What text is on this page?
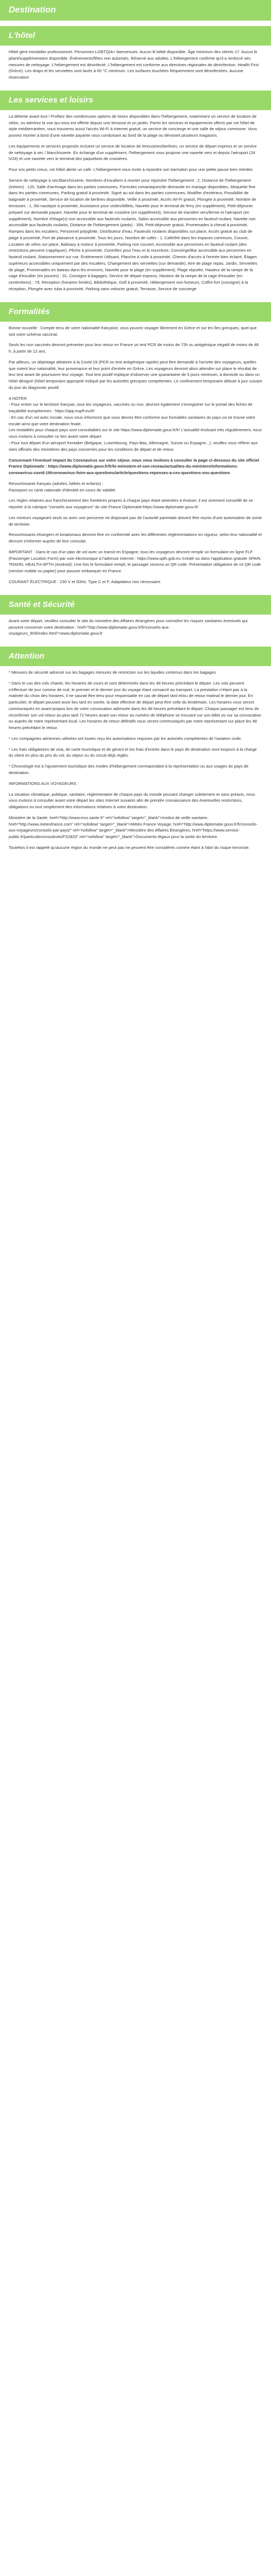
Destination
L'hôtel

Hôtel géré inmobilier professionnel. Personnes LGBTQIA+ bienvenues. Aucun lit bébé disponible. Âge minimum des clients 17. Aucun lit pliant/supplémentaire disponible. Événements/fêtes non autorisés. Réservé aux adultes. L'hébergement confirme qu'il a renforcé ses mesures de nettoyage. L'hébergement est désinfecté. L'hébergement est conforme aux directives régionales de désinfection. Health First (Grèce). Les draps et les serviettes sont lavés à 60 °C minimum. Les surfaces touchées fréquemment sont désinfectées. Aucune réservation

Les services et loisirs

La détente avant tout ! Profitez des nombreuses options de loisirs disponibles dans l'hébergement, notamment un service de location de vélos, ou admirez la vue qui vous est offerte depuis une terrasse et un jardin. Parmi les services et équipements offerts par cet hôtel de style méditerranéen, vous trouverez aussi l'accès Wi-Fi à Internet gratuit, un service de concierge et une salle de séjour commune. Vous pouvez monter à bord d'une navette payante vous conduisant au bord de la plage ou dévorant plusieurs magasins.

Les équipements et services proposés incluent un service de location de limousines/berlines, un service de départ express et un service de nettoyage à sec / blanchisserie. En échange d'un supplément, l'hébergement vous propose une navette vers et depuis l'aéroport (24 h/24) et une navette vers le terminal des paquebots de croisières.

Pour vos petits creux, cet hôtel abrite un café. L'hébergement vous invite à rejoindre son bar/salon pour une petite pause bien méritée.

Service de nettoyage à sec/blanchisserie, Nombres d'escaliers à monter pour rejoindre l'hébergement : 2, Distance de l'hébergement (mètres) : 120, Salle d'arrimage dans les parties communes, Formules romantiques/de demande en mariage disponibles, Moquette fine dans les parties communes, Parking gratuit à proximité, Signé au sol dans les parties communes, Modifier d'extérieur, Possibilité de baignade à proximité, Service de location de berlines disponible, Veille à proximité, Accès Wi-Fi gratuit, Plongée à proximité, Nombre de terrasses : 1, Ski nautique à proximité, Assistance pour visites/billets, Navette pour le terminal de ferry (en supplément), Petit-déjeuner préparé sur demande payant, Navette pour le terminal de croisière (en supplément), Service de transfert vers/ferme et l'aéroport (en supplément), Nombre d'étage(s) non accessible aux fauteuils roulants, Salon accessible aux personnes en fauteuil roulant, Navette non accessible aux fauteuils roulants, Distance de l'hébergement (pieds) : 394, Petit-déjeuner gratuit, Promenades à cheval à proximité, Rampes dans les escaliers, Personnel polyglotte, Distributeur d'eau, Fauteuils roulants disponibles sur place, Accès gratuit au club de plage à proximité, Port de plaisance à proximité, Tous les jours, Nombre de cafés : 1, Café/thé dans les espaces communs, Couvre, Location de vélos sur place, Balisazy à moteur à proximité, Parking non couvert, Accessible aux personnes en fauteuil roulant (des restrictions peuvent s'appliquer), Pêche à proximité, Contrôles pour l'eau et la nourriture, Concierge/Bar accessible aux personnes en fauteuil roulant, Stationnement sur rue, Entièrement Utilisant, Planche à voile à proximité, Chemin d'accès à l'entrée bien éclairé, Étages supérieurs accessibles uniquement par des escaliers, Changement des serviettes (sur demande), Aire de plage repas, Jardin, Serviettes de plage, Promenades en bateau dans les environs, Navette pour la plage (en supplément), Plage réputée, Hauteur de la rampe de la cage d'escalier (en pouces) : 31, Consigne à bagages, Service de départ express, Hauteur de la rampe de la cage d'escalier (en centimètres) : 79, Réception (horaires limités), Bibliothèque, Golf à proximité, Hébergement non-fumeurs, Coffre-fort (consigne) à la réception, Plongée avec tuba à proximité, Parking sans voiturier gratuit, Terrasse, Service de concierge

Formalités

Bonne nouvelle : Compte tenu de votre nationalité française, vous pouvez voyager librement en Grèce et sur les îles grecques, quel que soit votre schéma vaccinal.

Seuls les non vaccinés devront présenter pour leur retour en France un test PCR de moins de 72h ou antigénique négatif de moins de 48 h, à partir de 12 ans.

Par ailleurs, un dépistage aléatoire à la Covid-19 (PCR ou test antigénique rapide) peut être demandé à l'arrivée des voyageurs, quelles que soient leur nationalité, leur provenance et leur point d'entrée en Grèce. Les voyageurs devront alors attendre sur place le résultat de leur test avant de poursuivre leur voyage. Tout test positif implique d'observer une quarantaine de 5 jours minimum, à domicile ou dans un hôtel désigné (hôtel temporaire approprié indiqué par les autorités grecques compétentes. Le confinement temporaire débute à jour suivant du jour du diagnostic positif.

A NOTER
- Pour entrer sur le territoire français, tous les voyageurs, vaccinés ou non, devront également s'enregistrer sur le portail des fiches de traçabilité européennes : https://app.euplf.eu/#/
- En cas d'un vol avec escale, nous vous informons que vous devrez être conforme aux formalités sanitaires du pays où se trouve votre escale ainsi que votre destination finale.
Les modalités pour chaque pays sont consultables sur le site https://www.diplomatie.gouv.fr/fr/ L'actualité évoluant très régulièrement, nous vous invitons à consulter ce lien avant votre départ.
- Pour tout départ d'un aéroport frontalier (Belgique, Luxembourg, Pays-Bas, Allemagne, Suisse ou Espagne...), veuillez vous référer aux sites officiels des ministères des pays concernés pour les conditions de départ et de retour.

Concernant l'éventuel impact du Coronavirus sur votre séjour, nous vous invitons à consulter la page ci-dessous du site officiel France Diplomatie : https://www.diplomatie.gouv.fr/fr/le-ministere-et-son-reseau/actualites-du-ministere/informations-coronavirus-covid-19/coronavirus-foire-aux-questions/article/questions-reponses-a-ces-questions-vos-questions

Ressortissants français (adultes, bébés et enfants) :
Passeport ou carte nationale d'identité en cours de validité.

Les règles relatives aux franchissement des frontières propres à chaque pays étant amenées à évoluer, il est vivement conseillé de se reporter à la rubrique "conseils aux voyageurs" du site France Diplomatie:https://www.diplomatie.gouv.fr/

Les mineurs voyageant seuls ou avec une personne ne disposant pas de l'autorité parentale doivent être munis d'une autorisation de sortie de territoire.

Ressortissants étrangers et binationaux devront être en conformité avec les différentes réglementations en vigueur, selon leur nationalité et devront s'informer auprès de leur consulat.

IMPORTANT : Dans le cas d'un plan de vol avec un transit en Espagne, tous les voyageurs devront remplir un formulaire en ligne FLF (Passenger Location Form) par voie électronique à l'adresse internet : https://www.spth.gob.es /créalé ou dans l'application gratuite SPAIN TRAVEL HEALTH-SPTH (Android). Une fois le formulaire rempli, le passager recevra un QR code. Présentation obligatoire de ce QR code (version mobile ou papier) pour pouvoir embarquer en France.

COURANT ÉLECTRIQUE : 230 V et 50Hz. Type C et F. Adaptateur non nécessaire.

Santé et Sécurité

Avant votre départ, veuillez consulter le site du ministère des Affaires étrangères pour connaître les risques sanitaires éventuels qui peuvent concerner votre destination : href="http://www.diplomatie.gouv.fr/fr/conseils-aux-voyageurs_909/index.html">www.diplomatie.gouv.fr

Attention

* Mesures de sécurité adressé sur les bagages mesures de restriction sur les liquides contenus dans les bagages.

* Dans le cas des vols charter, les horaires de cours et sont déterminés dans les 48 heures précédant le départ. Les vols peuvent s'effectuer de jour comme de nuit, le premier et le dernier jour du voyage étant consacré au transport. La prestation n'étant pas à la matinée du choix des horaires, il ne saurait être tenu pour responsable en cas de départ tard et/ou de retour matinal le dernier jour. En particulier, le départ pouvant avoir lieu tard en soirée, la date effective de départ peut être celle du lendemain. Les horaires vous seront communiqués en avant-propos lors de votre convocation adressée dans les 48 heures précédant le départ. Chaque passager est tenu de reconfirmer son vol retour au plus tard 72 heures avant son retour au numéro de téléphone se trouvant sur son billet ou sur sa convocation ou auprès de notre représentant local. Les horaires de retour définitifs vous seront communiqués par notre représentant sur place les 48 heures précédant le retour.

* Les compagnies aériennes utilisées ont toutes reçu les autorisations requises par les autorités compétentes de l'aviation civile.

* Les frais obligatoires de visa, de carte touristique et de gérant et les frais d'entrée dans le pays de destination sont toujours à la charge du client en plus du prix du vol, du séjour ou du circuit déjà réglés.

* Chronologie est à l'ajustement touristique des modes d'hébergement correspondant à la représentation ou aux usages du pays de destination.

INFORMATIONS AUX VOYAGEURS :

La situation climatique, politique, sanitaire, réglementaire de chaque pays du monde pouvant changer subitement et sans préavis, nous vous invitons à consulter avant votre départ les sites Internet suivants afin de prendre connaissance des éventuelles restrictions, obligations ou tout simplement des informations relatives à votre destination.

Ministère de la Santé, href="http://www.invs.sante.fr" rel="nofollow" target="_blank">Institut de veille sanitaire, href="http://www.meteofrance.com" rel="nofollow" target="_blank">Météo France Voyage, href="http://www.diplomatie.gouv.fr/fr/conseils-aux-voyageurs/conseils-par-pays/" rel="nofollow" target="_blank">Ministère des Affaires Étrangères, href="https://www.service-public.fr/particuliers/vosdroits/F32833" rel="nofollow" target="_blank">Documents légaux pour la sortie du territoire.

Toutefois il est rappelé qu'aucune région du monde ne peut pas ne peuvent être considérés comme étant à l'abri du risque terroriste.
